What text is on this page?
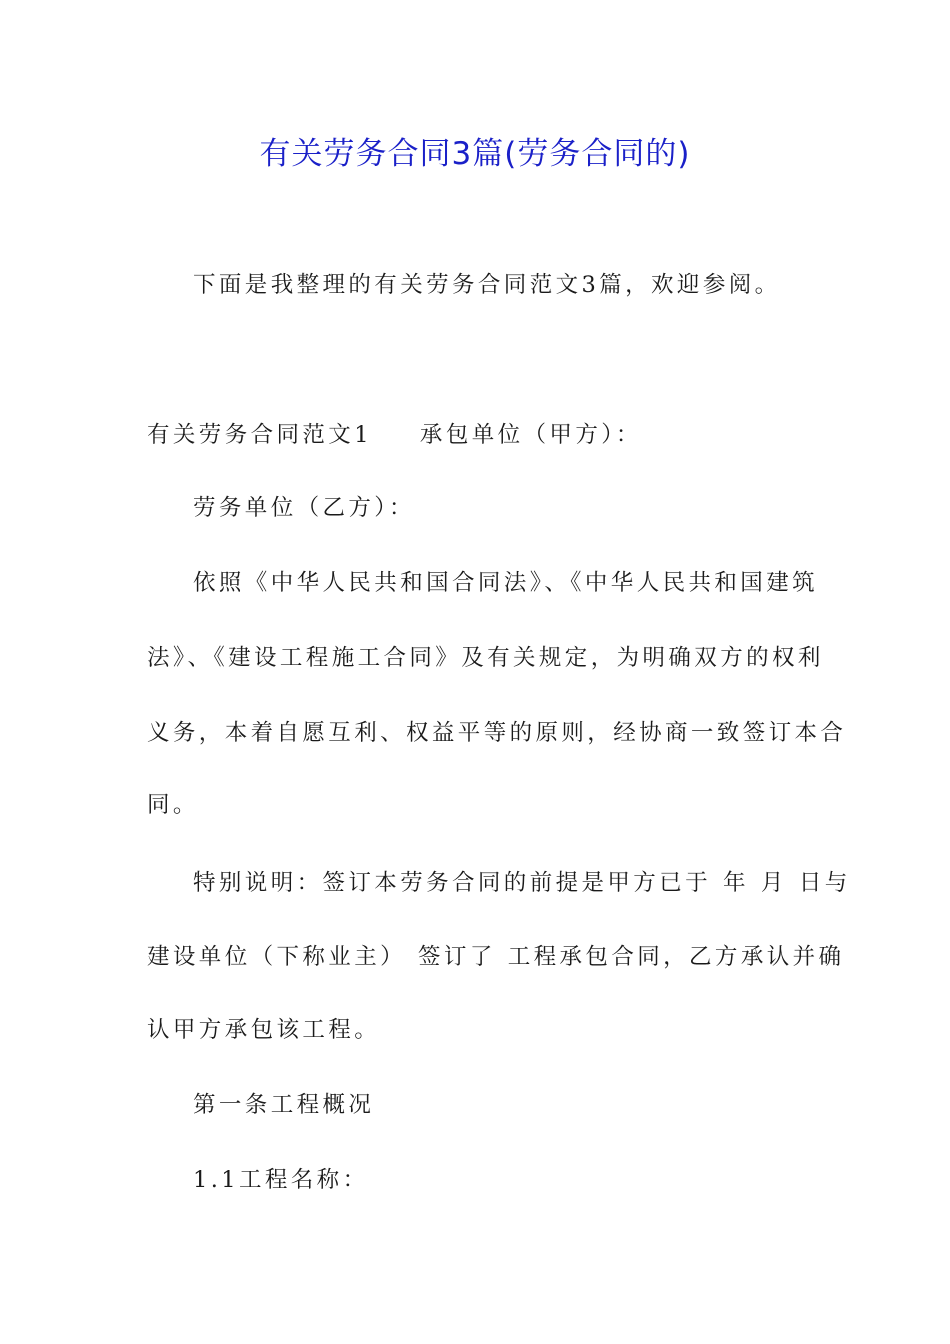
有关劳务合同3篇(劳务合同的)

下面是我整理的有关劳务合同范文3篇，欢迎参阅。

有关劳务合同范文1 承包单位（甲方）：

劳务单位（乙方）：

依照《中华人民共和国合同法》、《中华人民共和国建筑

法》、《建设工程施工合同》及有关规定，为明确双方的权利

义务，本着自愿互利、权益平等的原则，经协商一致签订本合

同。

特别说明：签订本劳务合同的前提是甲方已于 年 月 日与

建设单位（下称业主） 签订了 工程承包合同，乙方承认并确

认甲方承包该工程。

第一条工程概况

1.1工程名称：
